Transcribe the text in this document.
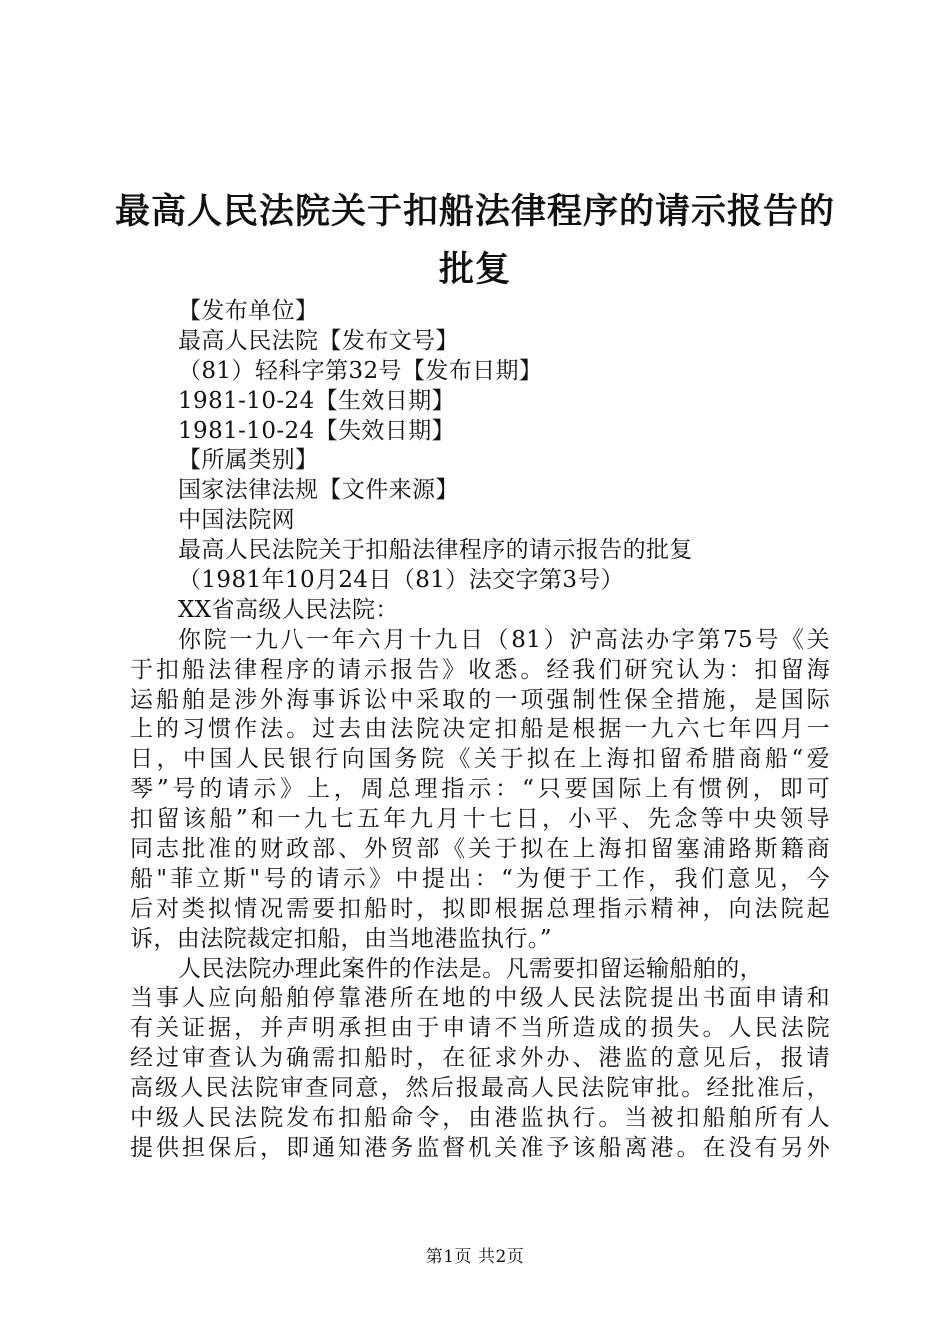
最高人民法院关于扣船法律程序的请示报告的
批复
【发布单位】
最高人民法院【发布文号】
（81）轻科字第32号【发布日期】
1981-10-24【生效日期】
1981-10-24【失效日期】
【所属类别】
国家法律法规【文件来源】
中国法院网
最高人民法院关于扣船法律程序的请示报告的批复
（1981年10月24日（81）法交字第3号）
XX省高级人民法院：
你院一九八一年六月十九日（81）沪高法办字第75号《关
于扣船法律程序的请示报告》收悉。经我们研究认为：扣留海
运船舶是涉外海事诉讼中采取的一项强制性保全措施，是国际
上的习惯作法。过去由法院决定扣船是根据一九六七年四月一
日，中国人民银行向国务院《关于拟在上海扣留希腊商船“爱
琴”号的请示》上，周总理指示：“只要国际上有惯例，即可
扣留该船”和一九七五年九月十七日，小平、先念等中央领导
同志批准的财政部、外贸部《关于拟在上海扣留塞浦路斯籍商
船"菲立斯"号的请示》中提出：“为便于工作，我们意见，今
后对类拟情况需要扣船时，拟即根据总理指示精神，向法院起
诉，由法院裁定扣船，由当地港监执行。”
人民法院办理此案件的作法是。凡需要扣留运输船舶的，
当事人应向船舶停靠港所在地的中级人民法院提出书面申请和
有关证据，并声明承担由于申请不当所造成的损失。人民法院
经过审查认为确需扣船时，在征求外办、港监的意见后，报请
高级人民法院审查同意，然后报最高人民法院审批。经批准后，
中级人民法院发布扣船命令，由港监执行。当被扣船舶所有人
提供担保后，即通知港务监督机关准予该船离港。在没有另外
第1页 共2页
